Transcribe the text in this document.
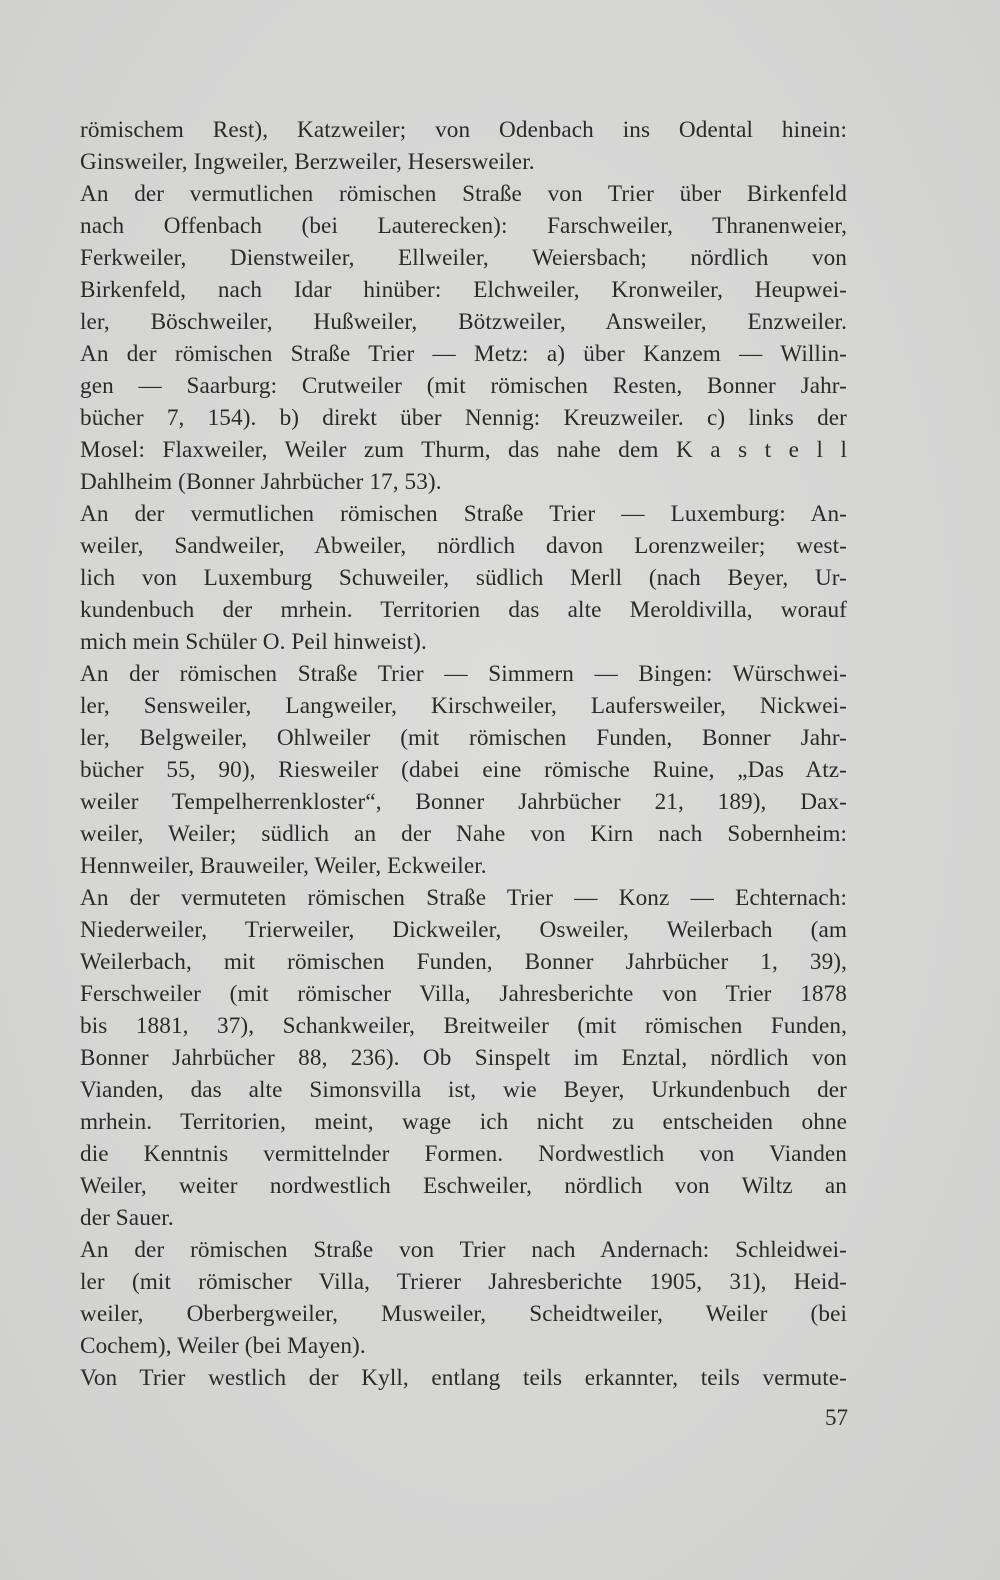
römischem Rest), Katzweiler; von Odenbach ins Odental hinein:
Ginsweiler, Ingweiler, Berzweiler, Hesersweiler.
An der vermutlichen römischen Straße von Trier über Birkenfeld
nach Offenbach (bei Lauterecken): Farschweiler, Thranenweier,
Ferkweiler, Dienstweiler, Ellweiler, Weiersbach; nördlich von
Birkenfeld, nach Idar hinüber: Elchweiler, Kronweiler, Heupwei-
ler, Böschweiler, Hußweiler, Bötzweiler, Answeiler, Enzweiler.
An der römischen Straße Trier — Metz: a) über Kanzem — Willin-
gen — Saarburg: Crutweiler (mit römischen Resten, Bonner Jahr-
bücher 7, 154). b) direkt über Nennig: Kreuzweiler. c) links der
Mosel: Flaxweiler, Weiler zum Thurm, das nahe dem K a s t e l l
Dahlheim (Bonner Jahrbücher 17, 53).
An der vermutlichen römischen Straße Trier — Luxemburg: An-
weiler, Sandweiler, Abweiler, nördlich davon Lorenzweiler; west-
lich von Luxemburg Schuweiler, südlich Merll (nach Beyer, Ur-
kundenbuch der mrhein. Territorien das alte Meroldivilla, worauf
mich mein Schüler O. Peil hinweist).
An der römischen Straße Trier — Simmern — Bingen: Würschwei-
ler, Sensweiler, Langweiler, Kirschweiler, Laufersweiler, Nickwei-
ler, Belgweiler, Ohlweiler (mit römischen Funden, Bonner Jahr-
bücher 55, 90), Riesweiler (dabei eine römische Ruine, „Das Atz-
weiler Tempelherrenkloster“, Bonner Jahrbücher 21, 189), Dax-
weiler, Weiler; südlich an der Nahe von Kirn nach Sobernheim:
Hennweiler, Brauweiler, Weiler, Eckweiler.
An der vermuteten römischen Straße Trier — Konz — Echternach:
Niederweiler, Trierweiler, Dickweiler, Osweiler, Weilerbach (am
Weilerbach, mit römischen Funden, Bonner Jahrbücher 1, 39),
Ferschweiler (mit römischer Villa, Jahresberichte von Trier 1878
bis 1881, 37), Schankweiler, Breitweiler (mit römischen Funden,
Bonner Jahrbücher 88, 236). Ob Sinspelt im Enztal, nördlich von
Vianden, das alte Simonsvilla ist, wie Beyer, Urkundenbuch der
mrhein. Territorien, meint, wage ich nicht zu entscheiden ohne
die Kenntnis vermittelnder Formen. Nordwestlich von Vianden
Weiler, weiter nordwestlich Eschweiler, nördlich von Wiltz an
der Sauer.
An der römischen Straße von Trier nach Andernach: Schleidwei-
ler (mit römischer Villa, Trierer Jahresberichte 1905, 31), Heid-
weiler, Oberbergweiler, Musweiler, Scheidtweiler, Weiler (bei
Cochem), Weiler (bei Mayen).
Von Trier westlich der Kyll, entlang teils erkannter, teils vermute-
57
